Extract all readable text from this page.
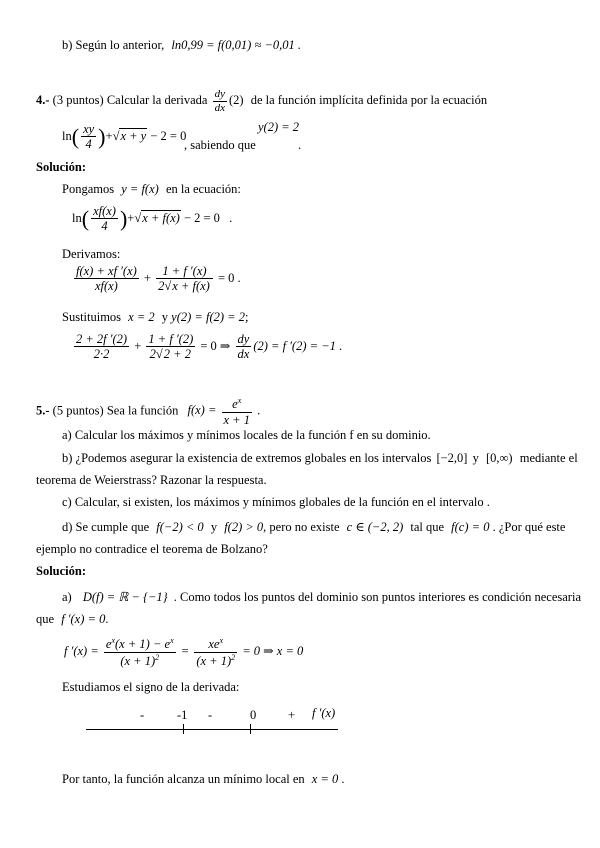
b) Según lo anterior, ln0,99 = f(0,01) ≈ −0,01 .
4.- (3 puntos) Calcular la derivada $\frac{dy}{dx} (2)$ de la función implícita definida por la ecuación
$\ln( \frac{xy}{4} )+√x + y - 2 = 0$
y(2) = 2
, sabiendo que	.
Solución:
Pongamos y = f(x) en la ecuación:
$\ln( \frac{xf(x)}{4} )+√x + f(x) - 2 = 0$ .
Derivamos:
$\frac{f(x) + xf '(x)}{xf(x)} + \frac{1 + f '(x)}{2√x + f(x)} = 0$ .
Sustituimos x = 2 y y(2) = f(2) = 2;
$\frac{2 + 2f '(2)}{2\cdot 2} + \frac{1 + f '(2)}{2√2 + 2} = 0$ ⇒ $\frac{dy}{dx} (2) = f$ ′(2) = −1 .
5.- (5 puntos) Sea la función $f(x) = \frac{e^x}{x + 1}$ .
a) Calcular los máximos y mínimos locales de la función f en su dominio.
b) ¿Podemos asegurar la existencia de extremos globales en los intervalos [−2,0] y [0,∞) mediante el
teorema de Weierstrass? Razonar la respuesta.
c) Calcular, si existen, los máximos y mínimos globales de la función en el intervalo .
d) Se cumple que f(−2) < 0 y f(2) > 0, pero no existe c ∈ (−2, 2) tal que f(c) = 0 . ¿Por qué este
ejemplo no contradice el teorema de Bolzano?
Solución:
a) D(f) = ℝ − {−1} . Como todos los puntos del dominio son puntos interiores es condición necesaria
que f ′(x) = 0.
f $'(x) = \frac{e^x(x + 1) - e^x}{(x + 1)^2} = \frac{xe^x}{(x + 1)^2} = 0$ ⇒ x = 0
Estudiamos el signo de la derivada:
-	-1 -	0	+ f ′(x)
Por tanto, la función alcanza un mínimo local en x = 0 .
